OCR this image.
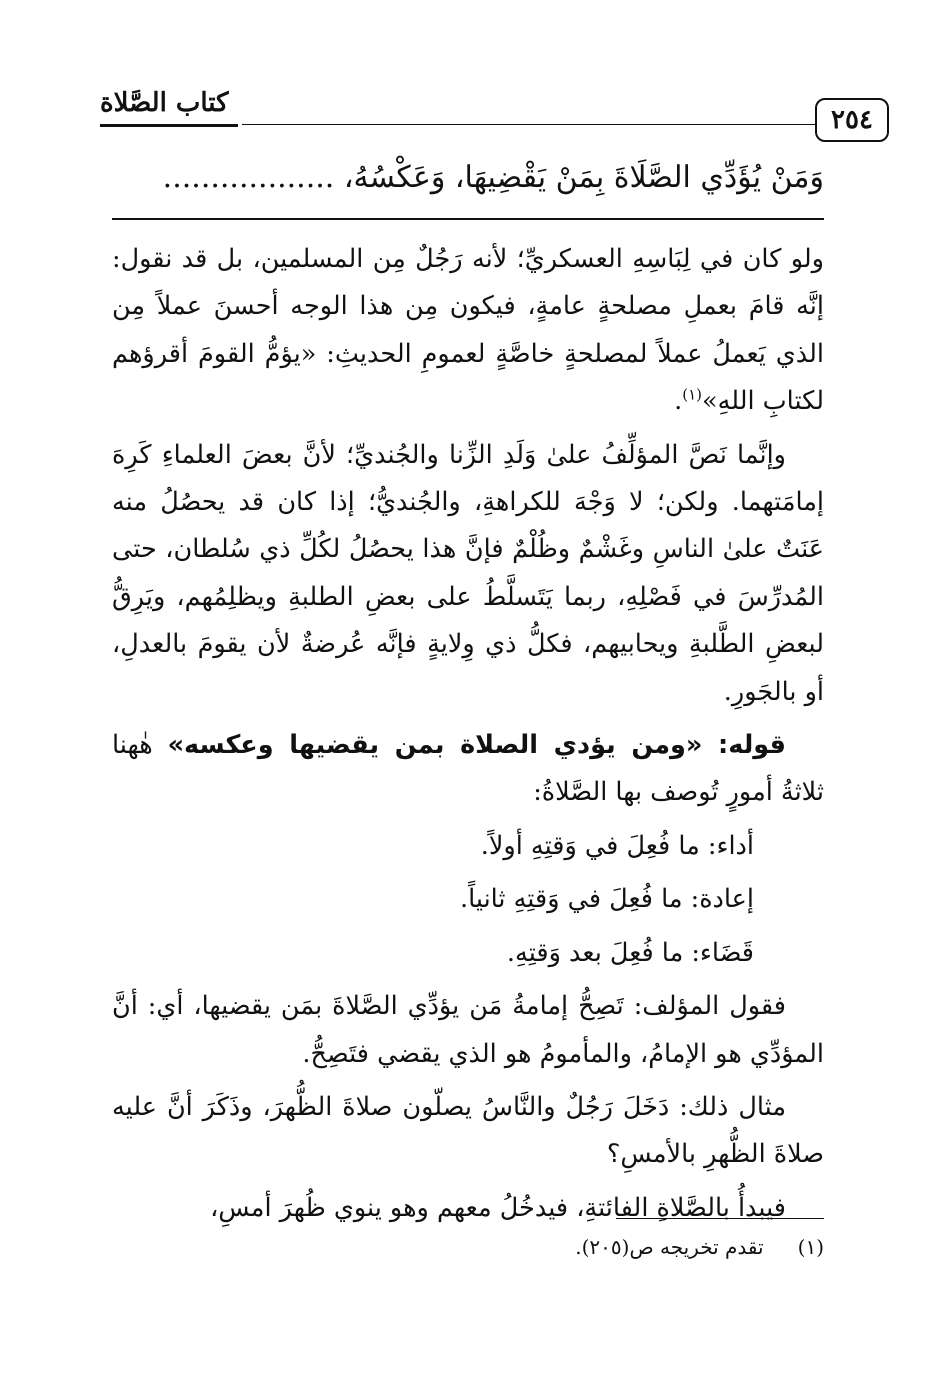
كتاب الصَّلاة
٢٥٤
وَمَنْ يُؤَدِّي الصَّلَاةَ بِمَنْ يَقْضِيهَا، وَعَكْسُهُ، ..................

ولو كان في لِبَاسِهِ العسكريِّ؛ لأنه رَجُلٌ مِن المسلمين، بل قد نقول: إنَّه قامَ بعملِ مصلحةٍ عامةٍ، فيكون مِن هذا الوجه أحسنَ عملاً مِن الذي يَعملُ عملاً لمصلحةٍ خاصَّةٍ لعمومِ الحديثِ: «يؤمُّ القومَ أقرؤهم لكتابِ اللهِ»$^{(١)}$.

وإنَّما نَصَّ المؤلِّفُ علىٰ وَلَدِ الزِّنا والجُنديِّ؛ لأنَّ بعضَ العلماءِ كَرِهَ إمامَتهما. ولكن؛ لا وَجْهَ للكراهةِ، والجُنديُّ؛ إذا كان قد يحصُلُ منه عَنَتٌ علىٰ الناسِ وغَشْمٌ وظُلْمٌ فإنَّ هذا يحصُلُ لكُلِّ ذي سُلطان، حتى المُدرِّسَ في فَصْلِهِ، ربما يَتَسلَّطُ على بعضِ الطلبةِ ويظلِمُهم، ويَرِقُّ لبعضِ الطَّلبةِ ويحابيهم، فكلُّ ذي وِلايةٍ فإنَّه عُرضةٌ لأن يقومَ بالعدلِ، أو بالجَورِ.

قوله: «ومن يؤدي الصلاة بمن يقضيها وعكسه» هٰهنا ثلاثةُ أمورٍ تُوصف بها الصَّلاةُ:

أداء: ما فُعِلَ في وَقتِهِ أولاً.
إعادة: ما فُعِلَ في وَقتِهِ ثانياً.
قَضَاء: ما فُعِلَ بعد وَقتِهِ.

فقول المؤلف: تَصِحُّ إمامةُ مَن يؤدِّي الصَّلاةَ بمَن يقضيها، أي: أنَّ المؤدِّي هو الإمامُ، والمأمومُ هو الذي يقضي فتَصِحُّ.

مثال ذلك: دَخَلَ رَجُلٌ والنَّاسُ يصلّون صلاةَ الظُّهرَ، وذَكَرَ أنَّ عليه صلاةَ الظُّهرِ بالأمسِ؟

فيبدأُ بالصَّلاةِ الفائتةِ، فيدخُلُ معهم وهو ينوي ظُهرَ أمسِ،

(١)تقدم تخريجه ص(٢٠٥).
